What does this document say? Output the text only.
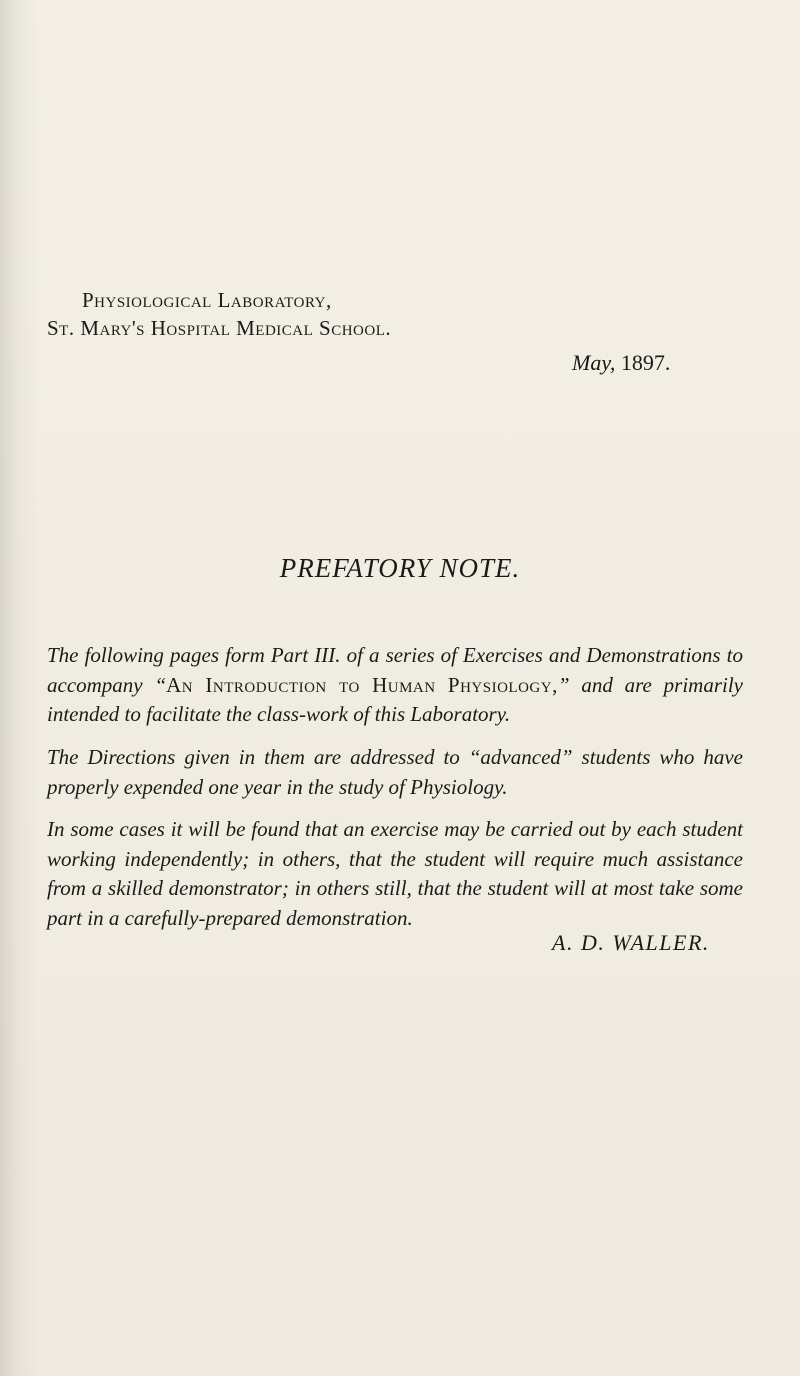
Physiological Laboratory,
St. Mary's Hospital Medical School.
May, 1897.
PREFATORY NOTE.
The following pages form Part III. of a series of Exercises and Demonstrations to accompany “An Introduction to Human Physiology,” and are primarily intended to facilitate the class-work of this Laboratory.
The Directions given in them are addressed to “advanced” students who have properly expended one year in the study of Physiology.
In some cases it will be found that an exercise may be carried out by each student working independently; in others, that the student will require much assistance from a skilled demonstrator; in others still, that the student will at most take some part in a carefully-prepared demonstration.
A. D. WALLER.
